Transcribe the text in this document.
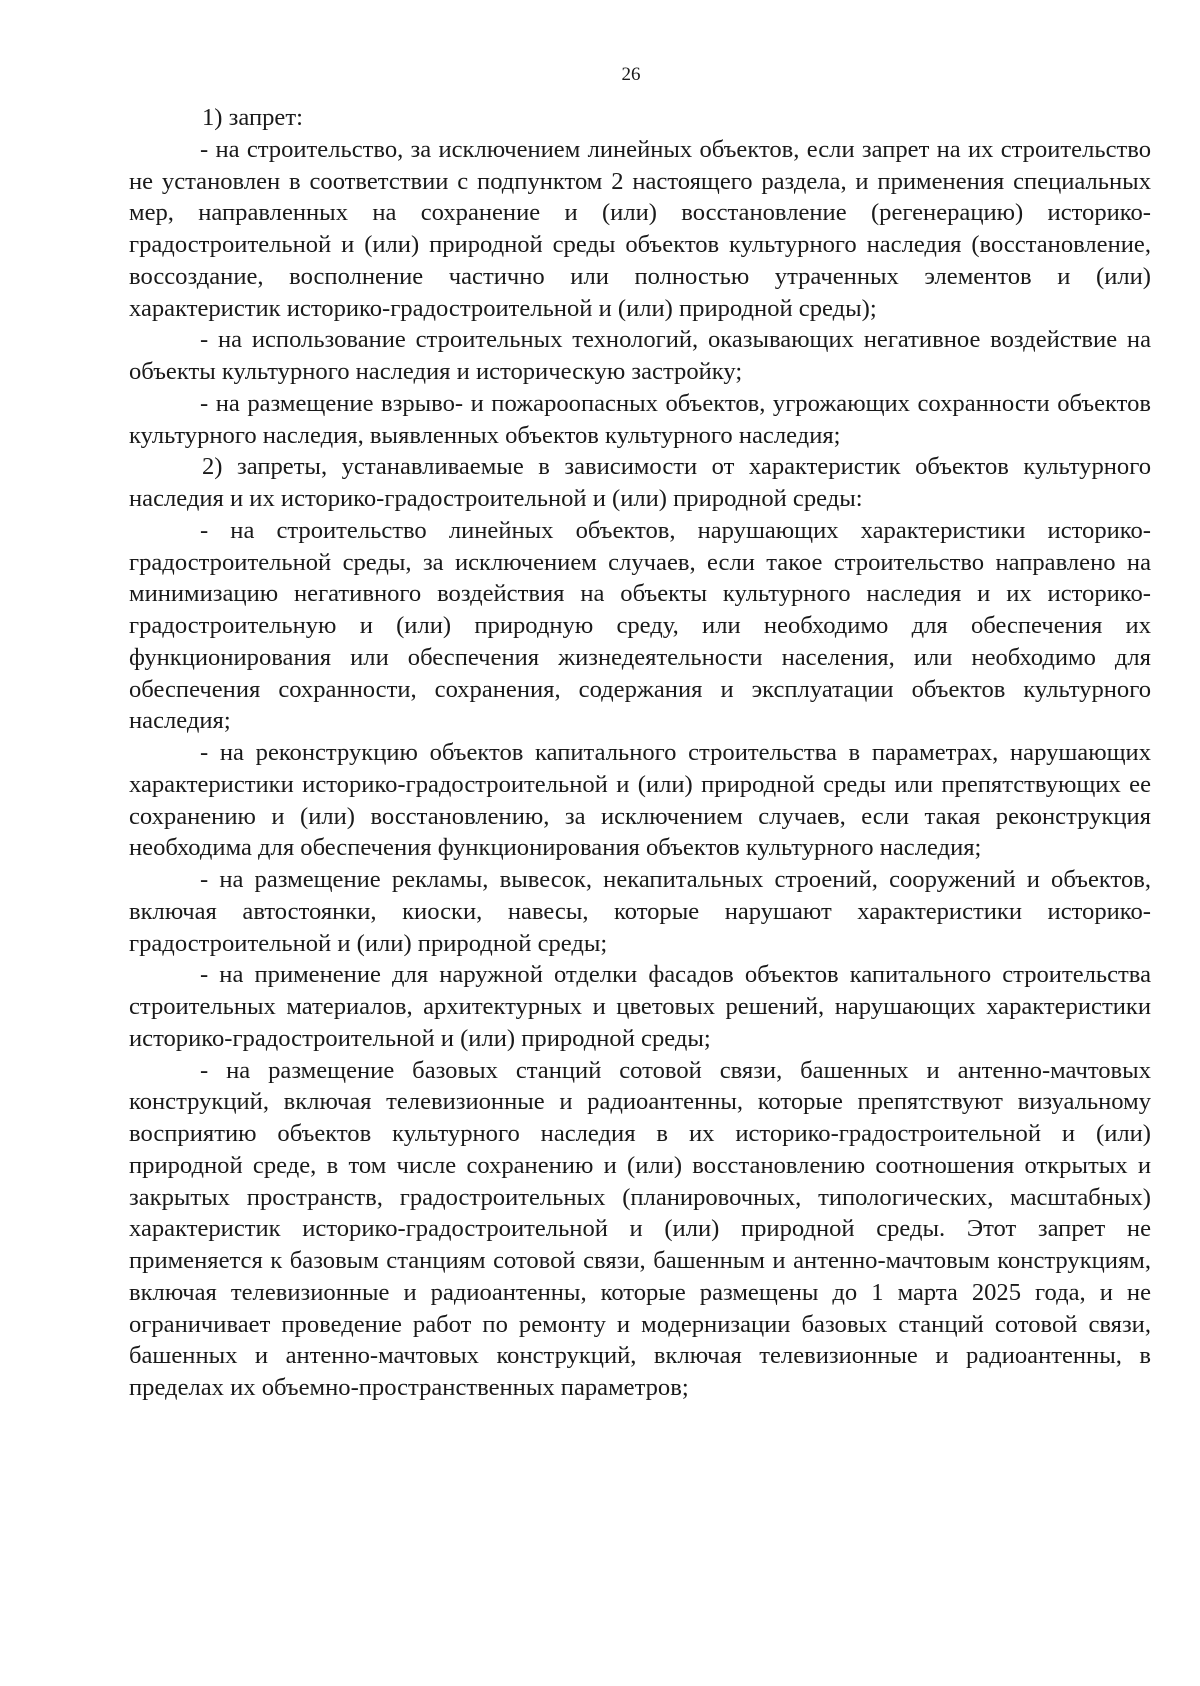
26

1) запрет:

- на строительство, за исключением линейных объектов, если запрет на их строительство не установлен в соответствии с подпунктом 2 настоящего раздела, и применения специальных мер, направленных на сохранение и (или) восстановление (регенерацию) историко-градостроительной и (или) природной среды объектов культурного наследия (восстановление, воссоздание, восполнение частично или полностью утраченных элементов и (или) характеристик историко-градостроительной и (или) природной среды);

- на использование строительных технологий, оказывающих негативное воздействие на объекты культурного наследия и историческую застройку;

- на размещение взрыво- и пожароопасных объектов, угрожающих сохранности объектов культурного наследия, выявленных объектов культурного наследия;

2) запреты, устанавливаемые в зависимости от характеристик объектов культурного наследия и их историко-градостроительной и (или) природной среды:

- на строительство линейных объектов, нарушающих характеристики историко-градостроительной среды, за исключением случаев, если такое строительство направлено на минимизацию негативного воздействия на объекты культурного наследия и их историко-градостроительную и (или) природную среду, или необходимо для обеспечения их функционирования или обеспечения жизнедеятельности населения, или необходимо для обеспечения сохранности, сохранения, содержания и эксплуатации объектов культурного наследия;

- на реконструкцию объектов капитального строительства в параметрах, нарушающих характеристики историко-градостроительной и (или) природной среды или препятствующих ее сохранению и (или) восстановлению, за исключением случаев, если такая реконструкция необходима для обеспечения функционирования объектов культурного наследия;

- на размещение рекламы, вывесок, некапитальных строений, сооружений и объектов, включая автостоянки, киоски, навесы, которые нарушают характеристики историко-градостроительной и (или) природной среды;

- на применение для наружной отделки фасадов объектов капитального строительства строительных материалов, архитектурных и цветовых решений, нарушающих характеристики историко-градостроительной и (или) природной среды;

- на размещение базовых станций сотовой связи, башенных и антенно-мачтовых конструкций, включая телевизионные и радиоантенны, которые препятствуют визуальному восприятию объектов культурного наследия в их историко-градостроительной и (или) природной среде, в том числе сохранению и (или) восстановлению соотношения открытых и закрытых пространств, градостроительных (планировочных, типологических, масштабных) характеристик историко-градостроительной и (или) природной среды. Этот запрет не применяется к базовым станциям сотовой связи, башенным и антенно-мачтовым конструкциям, включая телевизионные и радиоантенны, которые размещены до 1 марта 2025 года, и не ограничивает проведение работ по ремонту и модернизации базовых станций сотовой связи, башенных и антенно-мачтовых конструкций, включая телевизионные и радиоантенны, в пределах их объемно-пространственных параметров;
